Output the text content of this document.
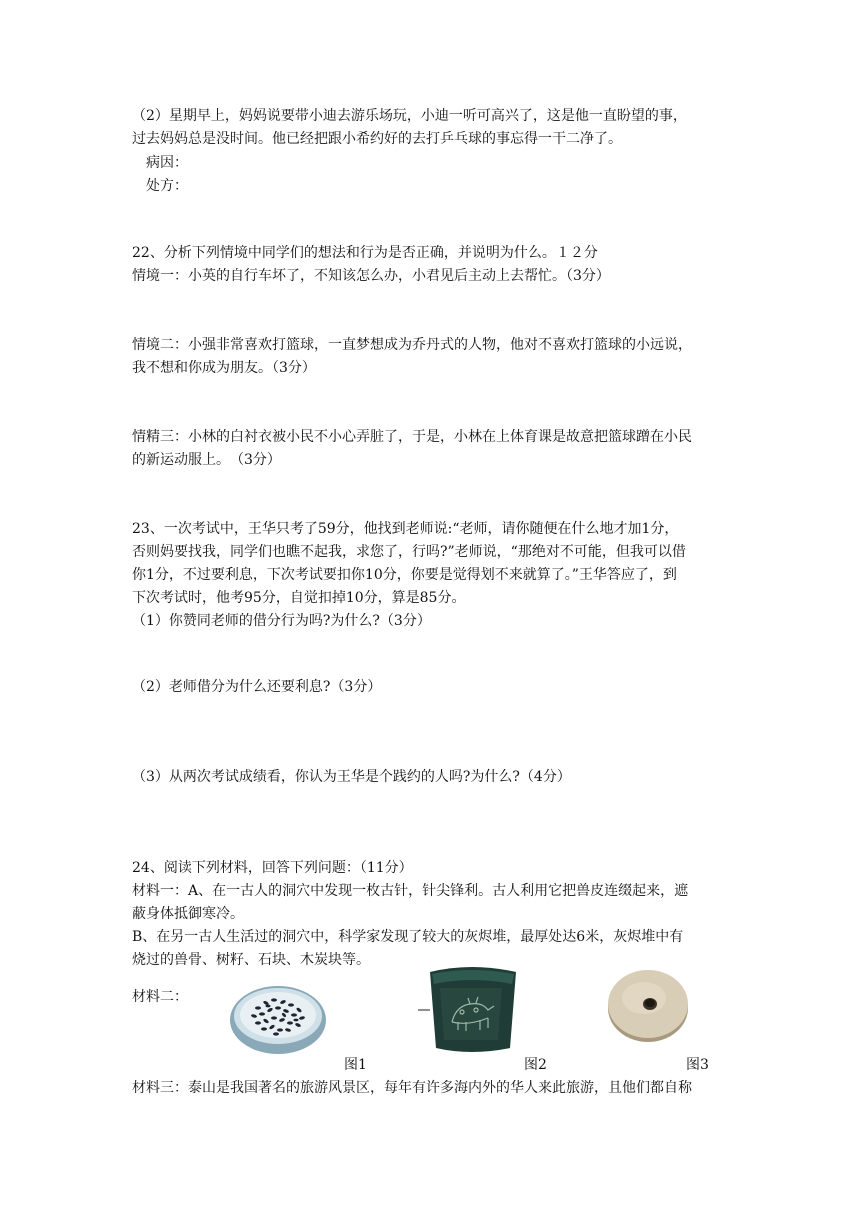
（2）星期早上，妈妈说要带小迪去游乐场玩，小迪一听可高兴了，这是他一直盼望的事，
过去妈妈总是没时间。他已经把跟小希约好的去打乒乓球的事忘得一干二净了。
病因：
处方：
22、分析下列情境中同学们的想法和行为是否正确，并说明为什么。１２分
情境一：小英的自行车坏了，不知该怎么办，小君见后主动上去帮忙。（3分）
情境二：小强非常喜欢打篮球，一直梦想成为乔丹式的人物，他对不喜欢打篮球的小远说，
我不想和你成为朋友。（3分）
情精三：小林的白衬衣被小民不小心弄脏了，于是，小林在上体育课是故意把篮球蹭在小民
的新运动服上。　（3分）
23、一次考试中，王华只考了59分，他找到老师说:“老师，请你随便在什么地才加1分，
否则妈要找我，同学们也瞧不起我，求您了，行吗?”老师说，“那绝对不可能，但我可以借
你1分，不过要利息，下次考试要扣你10分，你要是觉得划不来就算了。”王华答应了，到
下次考试时，他考95分，自觉扣掉10分，算是85分。
（1）你赞同老师的借分行为吗?为什么?（3分）
（2）老师借分为什么还要利息?（3分）
（3）从两次考试成绩看，你认为王华是个践约的人吗?为什么?（4分）
24、阅读下列材料，回答下列问题：（11分）
材料一：A、在一古人的洞穴中发现一枚古针，针尖锋利。古人利用它把兽皮连缀起来，遮
蔽身体抵御寒冷。
B、在另一古人生活过的洞穴中，科学家发现了较大的灰烬堆，最厚处达6米，灰烬堆中有
烧过的兽骨、树籽、石块、木炭块等。
材料二：
图1	图2	图3
材料三：泰山是我国著名的旅游风景区，每年有许多海内外的华人来此旅游，且他们都自称
